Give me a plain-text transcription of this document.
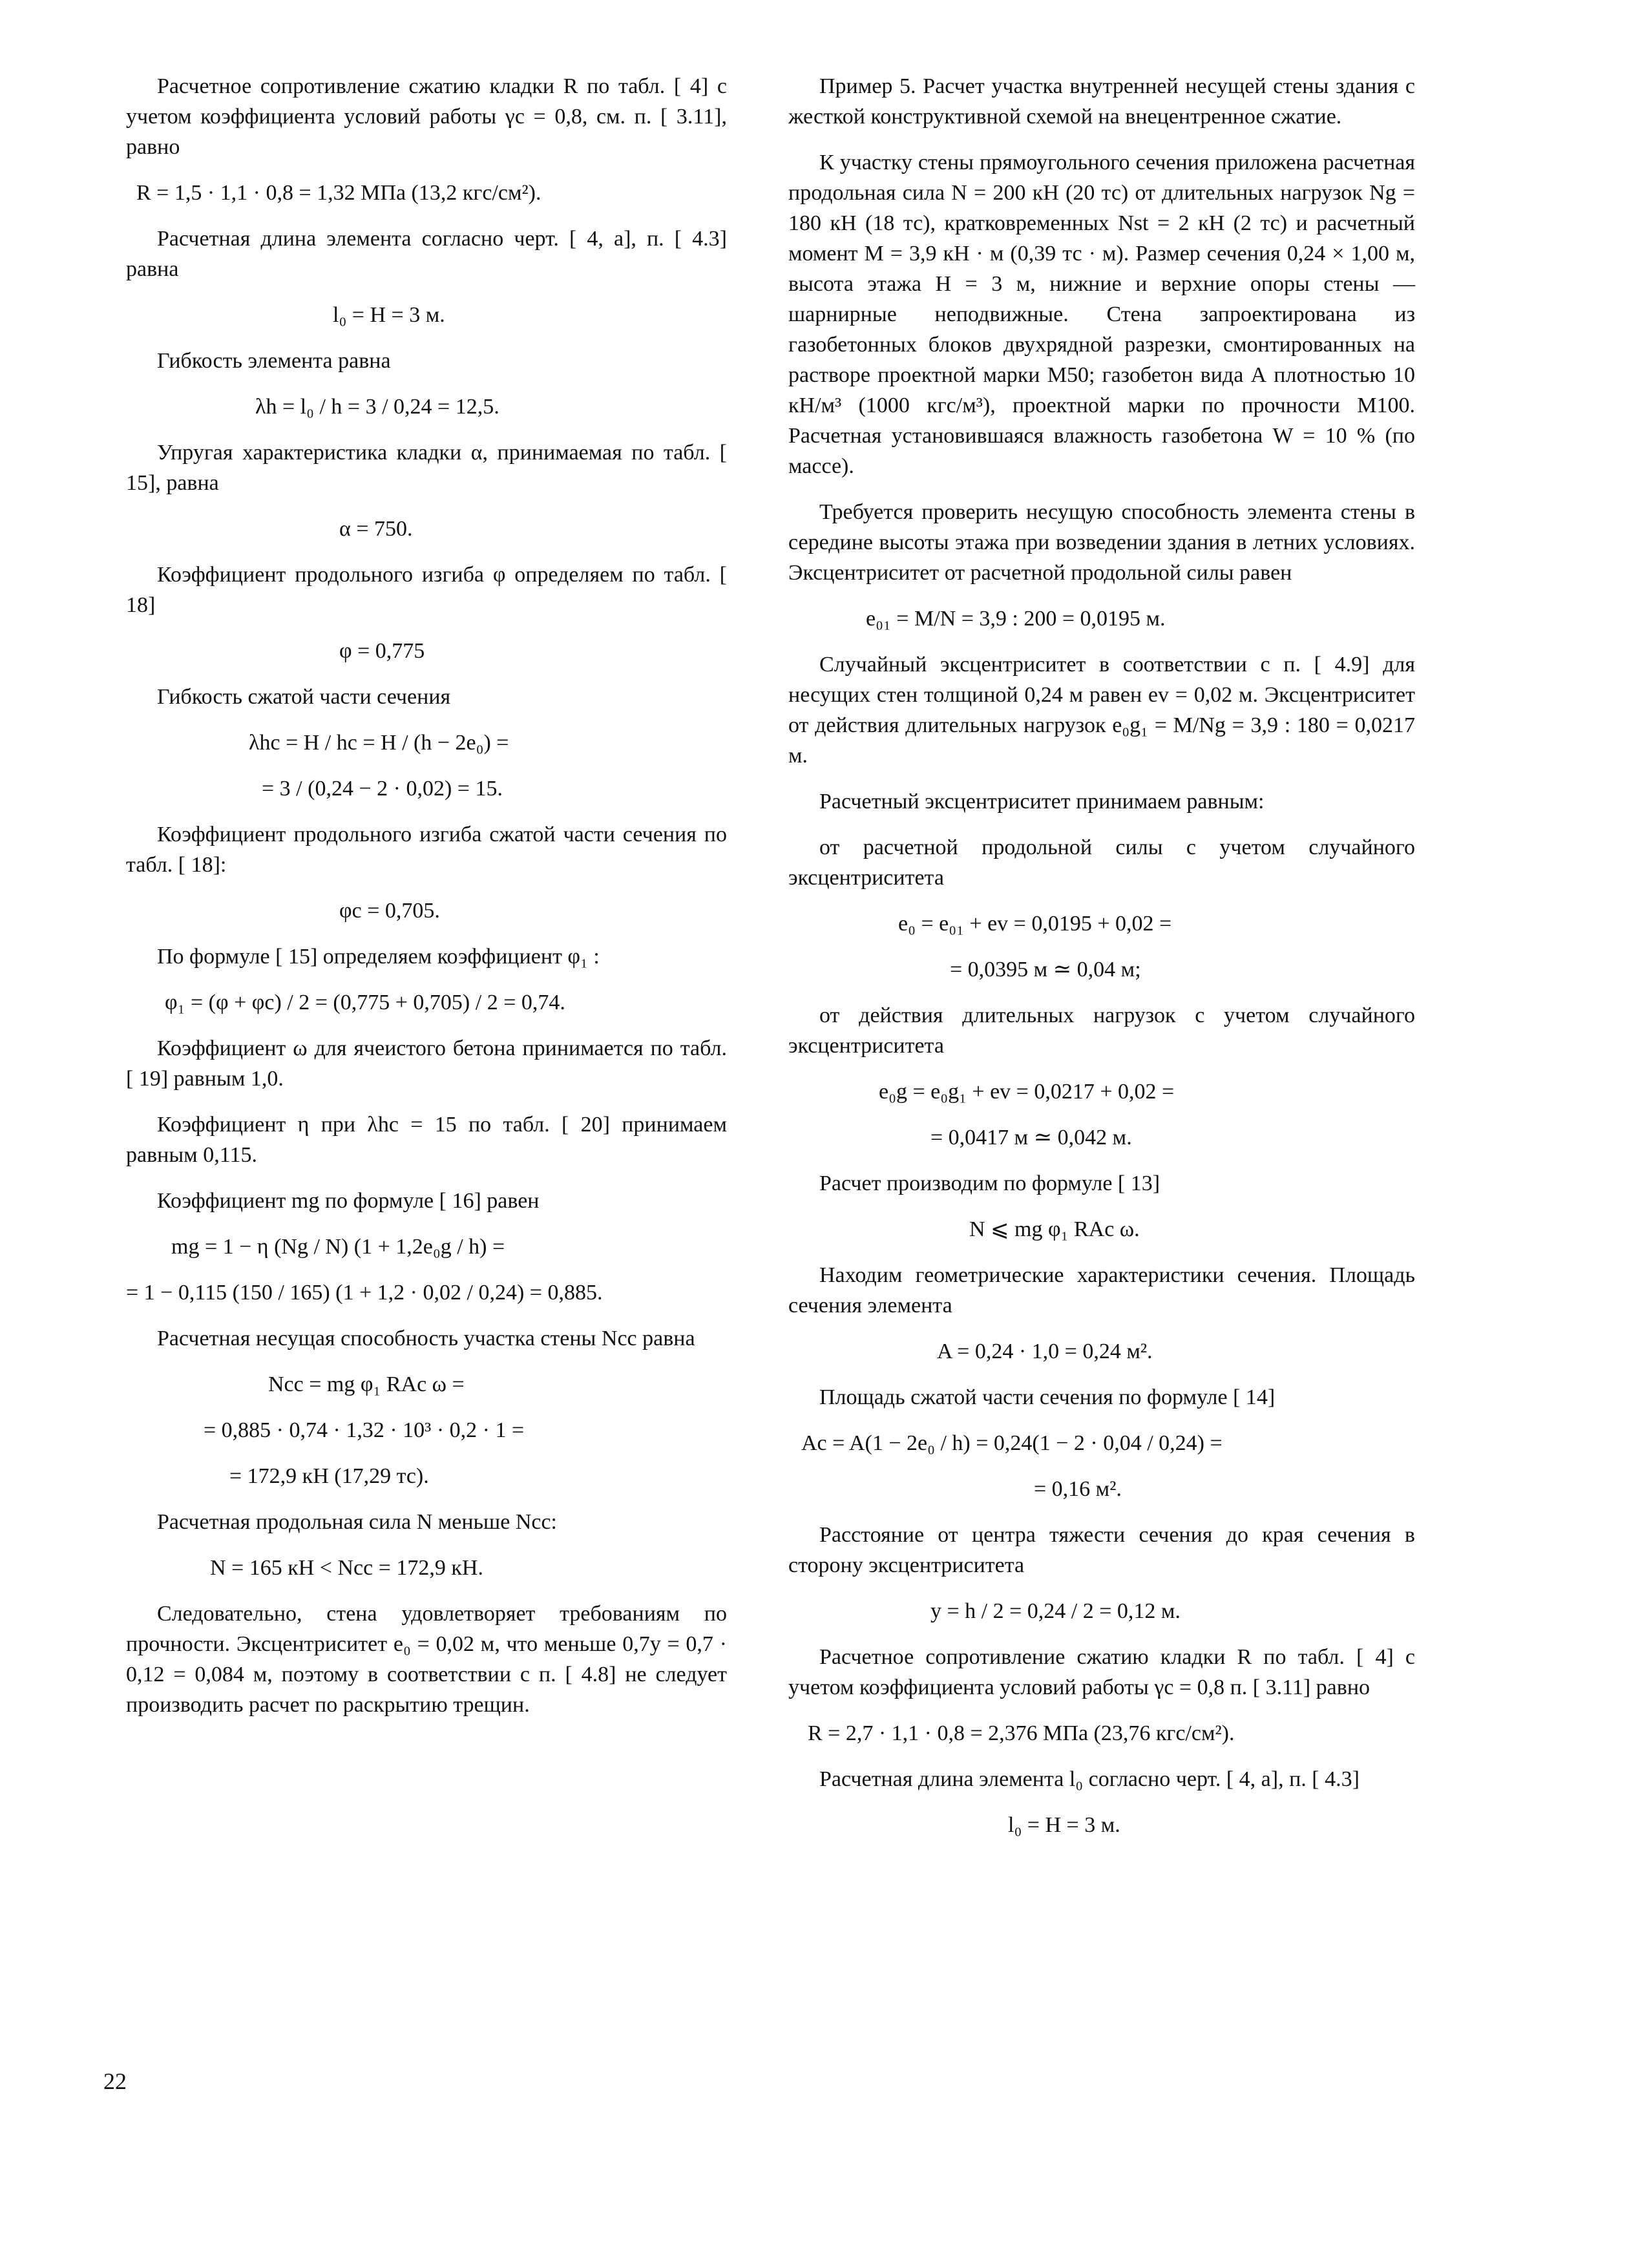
Расчетное сопротивление сжатию кладки R по табл. [ 4] с учетом коэффициента условий работы γc = 0,8, см. п. [ 3.11], равно

R = 1,5 · 1,1 · 0,8 = 1,32 МПа (13,2 кгс/см²).

Расчетная длина элемента согласно черт. [ 4, а], п. [ 4.3] равна

l₀ = H = 3 м.

Гибкость элемента равна

λh = l₀ / h = 3 / 0,24 = 12,5.

Упругая характеристика кладки α, принимаемая по табл. [ 15], равна

α = 750.

Коэффициент продольного изгиба φ определяем по табл. [ 18]

φ = 0,775

Гибкость сжатой части сечения

λhc = H / hc = H / (h − 2e₀) =
= 3 / (0,24 − 2 · 0,02) = 15.

Коэффициент продольного изгиба сжатой части сечения по табл. [ 18]:

φc = 0,705.

По формуле [ 15] определяем коэффициент φ₁ :

φ₁ = (φ + φc) / 2 = (0,775 + 0,705) / 2 = 0,74.

Коэффициент ω для ячеистого бетона принимается по табл. [ 19] равным 1,0.

Коэффициент η при λhc = 15 по табл. [ 20] принимаем равным 0,115.

Коэффициент mg по формуле [ 16] равен

mg = 1 − η (Ng / N) (1 + 1,2e₀g / h) =
= 1 − 0,115 (150 / 165) (1 + 1,2 · 0,02 / 0,24) = 0,885.

Расчетная несущая способность участка стены Ncc равна

Ncc = mg φ₁ RAc ω =
= 0,885 · 0,74 · 1,32 · 10³ · 0,2 · 1 =
= 172,9 кН (17,29 тс).

Расчетная продольная сила N меньше Ncc:

N = 165 кН < Ncc = 172,9 кН.

Следовательно, стена удовлетворяет требованиям по прочности. Эксцентриситет e₀ = 0,02 м, что меньше 0,7y = 0,7 · 0,12 = 0,084 м, поэтому в соответствии с п. [ 4.8] не следует производить расчет по раскрытию трещин.

Пример 5. Расчет участка внутренней несущей стены здания с жесткой конструктивной схемой на внецентренное сжатие.

К участку стены прямоугольного сечения приложена расчетная продольная сила N = 200 кН (20 тс) от длительных нагрузок Ng = 180 кН (18 тс), кратковременных Nst = 2 кН (2 тс) и расчетный момент M = 3,9 кН · м (0,39 тс · м). Размер сечения 0,24 × 1,00 м, высота этажа H = 3 м, нижние и верхние опоры стены — шарнирные неподвижные. Стена запроектирована из газобетонных блоков двухрядной разрезки, смонтированных на растворе проектной марки М50; газобетон вида А плотностью 10 кН/м³ (1000 кгс/м³), проектной марки по прочности М100. Расчетная установившаяся влажность газобетона W = 10 % (по массе).

Требуется проверить несущую способность элемента стены в середине высоты этажа при возведении здания в летних условиях. Эксцентриситет от расчетной продольной силы равен

e₀₁ = M/N = 3,9 : 200 = 0,0195 м.

Случайный эксцентриситет в соответствии с п. [ 4.9] для несущих стен толщиной 0,24 м равен ev = 0,02 м. Эксцентриситет от действия длительных нагрузок e₀g₁ = M/Ng = 3,9 : 180 = 0,0217 м.

Расчетный эксцентриситет принимаем равным:

от расчетной продольной силы с учетом случайного эксцентриситета

e₀ = e₀₁ + ev = 0,0195 + 0,02 =
= 0,0395 м ≃ 0,04 м;

от действия длительных нагрузок с учетом случайного эксцентриситета

e₀g = e₀g₁ + ev = 0,0217 + 0,02 =
= 0,0417 м ≃ 0,042 м.

Расчет производим по формуле [ 13]

N ⩽ mg φ₁ RAc ω.

Находим геометрические характеристики сечения. Площадь сечения элемента

A = 0,24 · 1,0 = 0,24 м².

Площадь сжатой части сечения по формуле [ 14]

Ac = A(1 − 2e₀ / h) = 0,24(1 − 2 · 0,04 / 0,24) =
= 0,16 м².

Расстояние от центра тяжести сечения до края сечения в сторону эксцентриситета

y = h / 2 = 0,24 / 2 = 0,12 м.

Расчетное сопротивление сжатию кладки R по табл. [ 4] с учетом коэффициента условий работы γc = 0,8 п. [ 3.11] равно

R = 2,7 · 1,1 · 0,8 = 2,376 МПа (23,76 кгс/см²).

Расчетная длина элемента l₀ согласно черт. [ 4, а], п. [ 4.3]

l₀ = H = 3 м.
22
